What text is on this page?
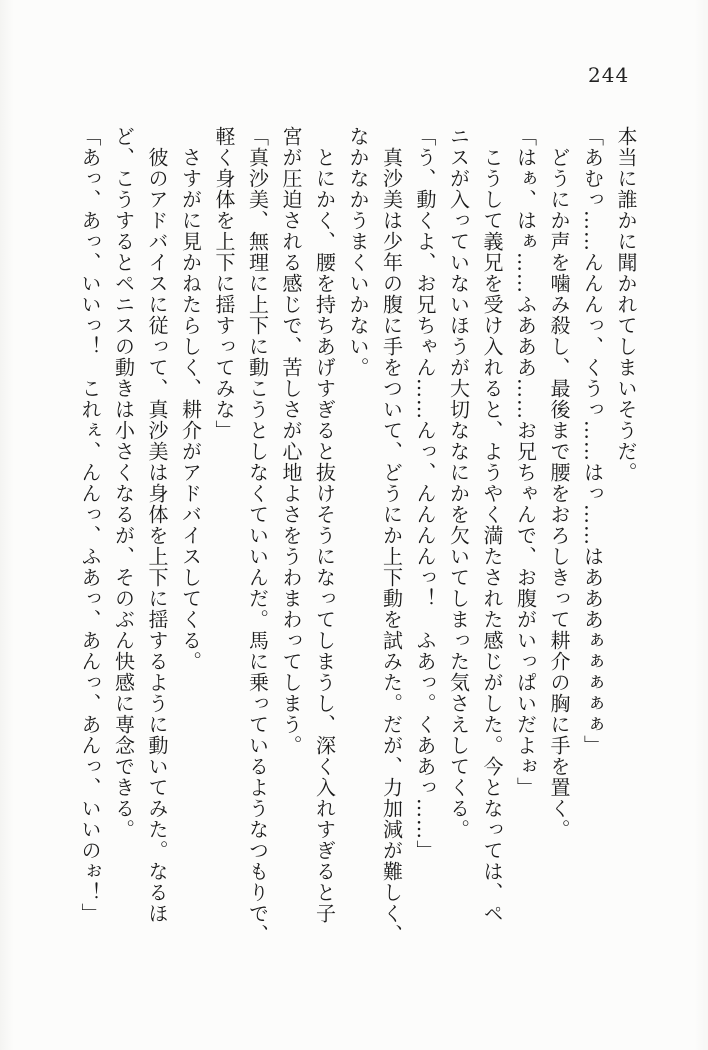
244
本当に誰かに聞かれてしまいそうだ。
「あむっ……んんんっ、くうっ……はっ……はあああぁぁぁぁぁ」
どうにか声を噛み殺し、最後まで腰をおろしきって耕介の胸に手を置く。
「はぁ、はぁ……ふあああ……お兄ちゃんで、お腹がいっぱいだよぉ」
こうして義兄を受け入れると、ようやく満たされた感じがした。今となっては、ペ
ニスが入っていないほうが大切ななにかを欠いてしまった気さえしてくる。
「う、動くよ、お兄ちゃん……んっ、んんんんっ！　ふあっ。くああっ……」
真沙美は少年の腹に手をついて、どうにか上下動を試みた。だが、力加減が難しく、
なかなかうまくいかない。
とにかく、腰を持ちあげすぎると抜けそうになってしまうし、深く入れすぎると子
宮が圧迫される感じで、苦しさが心地よさをうわまわってしまう。
「真沙美、無理に上下に動こうとしなくていいんだ。馬に乗っているようなつもりで、
軽く身体を上下に揺すってみな」
さすがに見かねたらしく、耕介がアドバイスしてくる。
彼のアドバイスに従って、真沙美は身体を上下に揺するように動いてみた。なるほ
ど、こうするとペニスの動きは小さくなるが、そのぶん快感に専念できる。
「あっ、あっ、いいっ！　これぇ、んんっ、ふあっ、あんっ、あんっ、いいのぉ！」
